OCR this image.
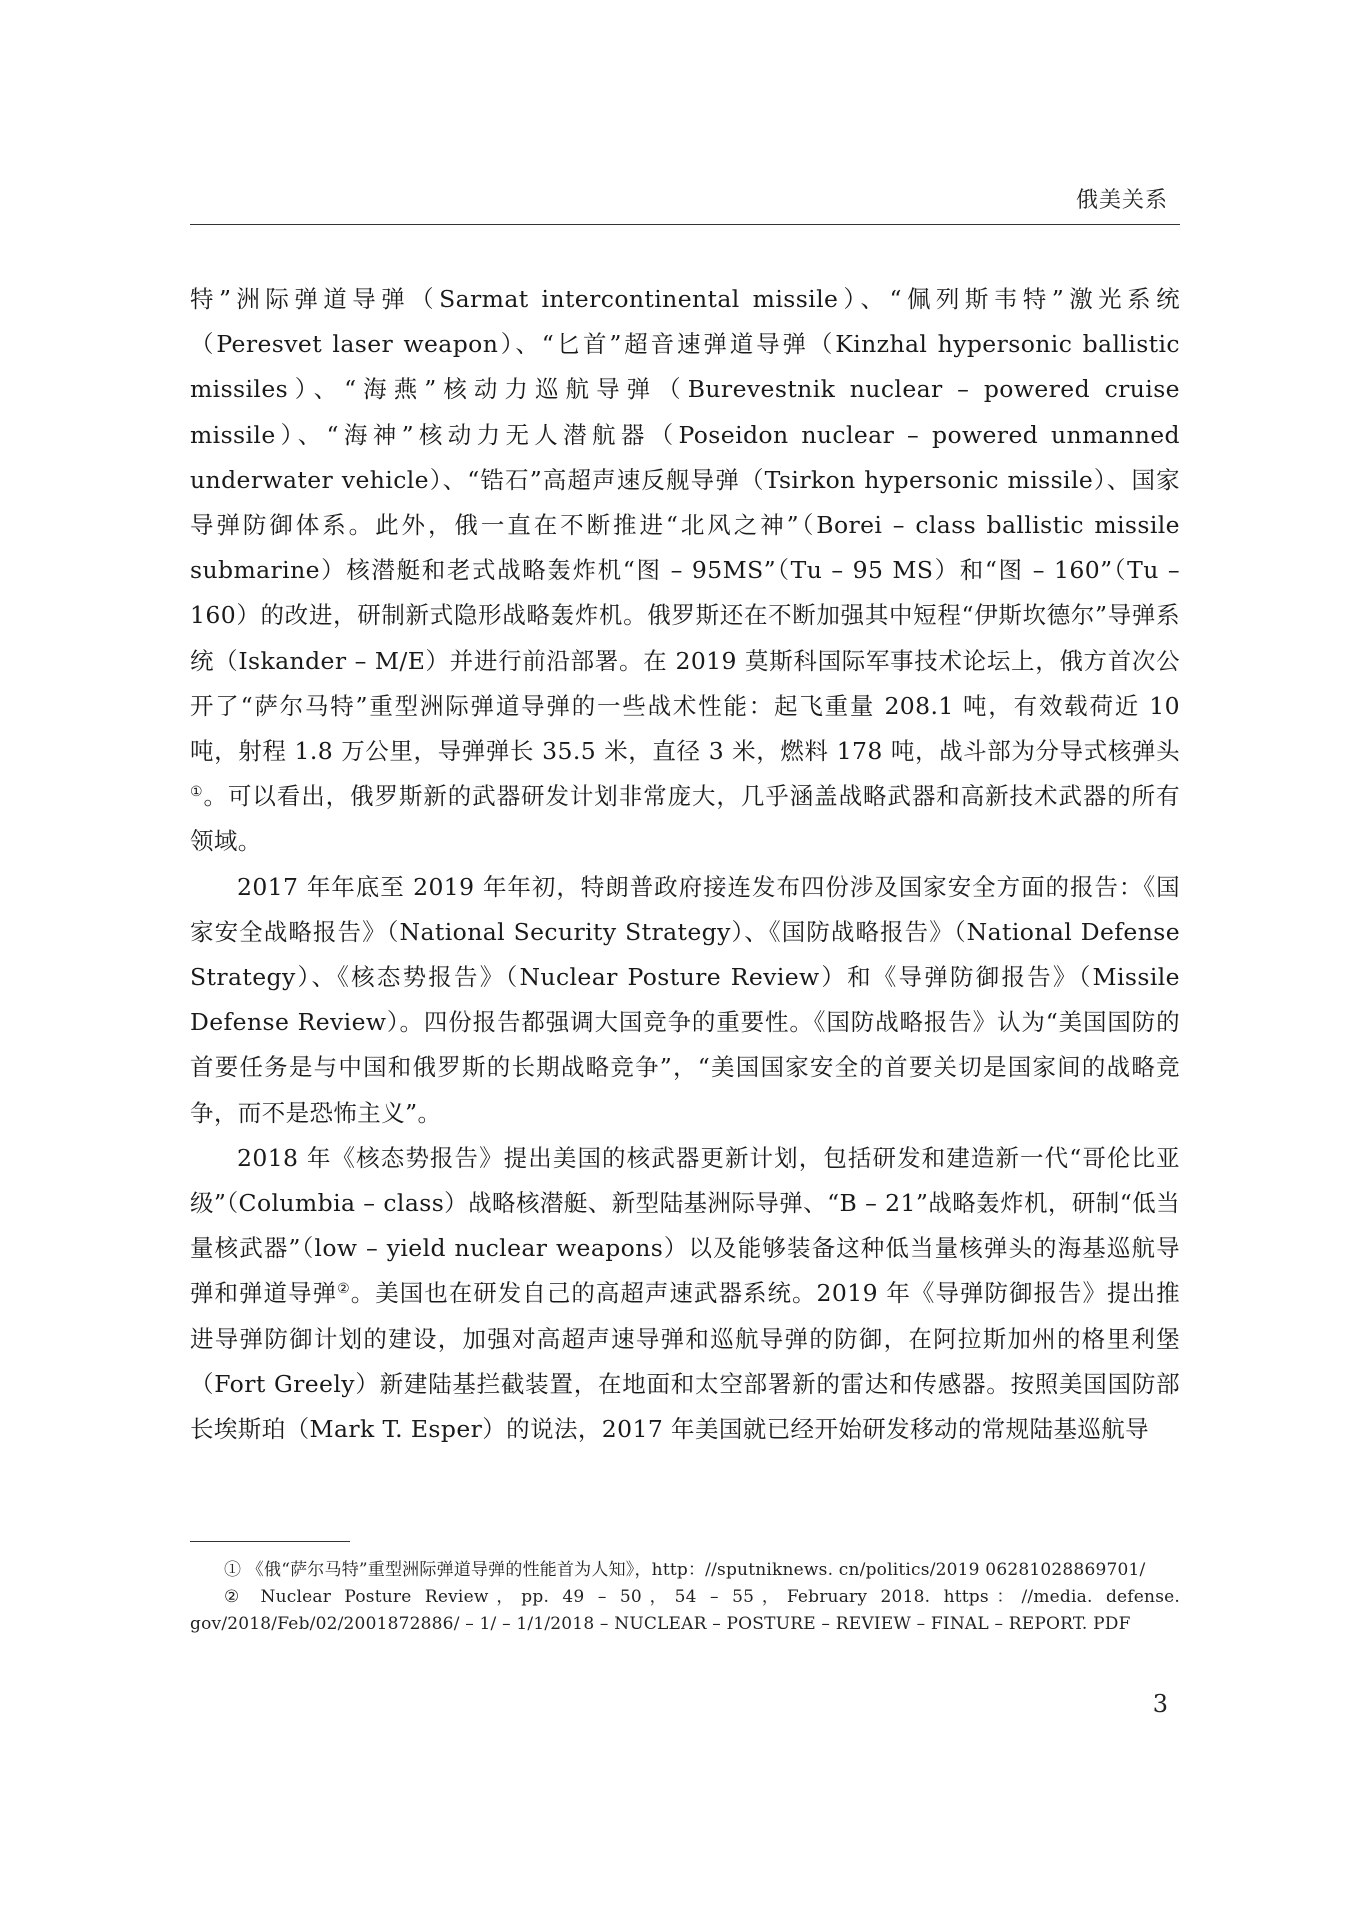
俄美关系

特”洲际弹道导弹（Sarmat intercontinental missile）、“佩列斯韦特”激光系统（Peresvet laser weapon）、“匕首”超音速弹道导弹（Kinzhal hypersonic ballistic missiles）、“海燕”核动力巡航导弹（Burevestnik nuclear – powered cruise missile）、“海神”核动力无人潜航器（Poseidon nuclear – powered unmanned underwater vehicle）、“锆石”高超声速反舰导弹（Tsirkon hypersonic missile）、国家导弹防御体系。此外，俄一直在不断推进“北风之神”（Borei – class ballistic missile submarine）核潜艇和老式战略轰炸机“图 – 95MS”（Tu – 95 MS）和“图 – 160”（Tu – 160）的改进，研制新式隐形战略轰炸机。俄罗斯还在不断加强其中短程“伊斯坎德尔”导弹系统（Iskander – M/E）并进行前沿部署。在 2019 莫斯科国际军事技术论坛上，俄方首次公开了“萨尔马特”重型洲际弹道导弹的一些战术性能：起飞重量 208.1 吨，有效载荷近 10 吨，射程 1.8 万公里，导弹弹长 35.5 米，直径 3 米，燃料 178 吨，战斗部为分导式核弹头①。可以看出，俄罗斯新的武器研发计划非常庞大，几乎涵盖战略武器和高新技术武器的所有领域。

2017 年年底至 2019 年年初，特朗普政府接连发布四份涉及国家安全方面的报告：《国家安全战略报告》（National Security Strategy）、《国防战略报告》（National Defense Strategy）、《核态势报告》（Nuclear Posture Review）和《导弹防御报告》（Missile Defense Review）。四份报告都强调大国竞争的重要性。《国防战略报告》认为“美国国防的首要任务是与中国和俄罗斯的长期战略竞争”，“美国国家安全的首要关切是国家间的战略竞争，而不是恐怖主义”。

2018 年《核态势报告》提出美国的核武器更新计划，包括研发和建造新一代“哥伦比亚级”（Columbia – class）战略核潜艇、新型陆基洲际导弹、“B – 21”战略轰炸机，研制“低当量核武器”（low – yield nuclear weapons）以及能够装备这种低当量核弹头的海基巡航导弹和弹道导弹②。美国也在研发自己的高超声速武器系统。2019 年《导弹防御报告》提出推进导弹防御计划的建设，加强对高超声速导弹和巡航导弹的防御，在阿拉斯加州的格里利堡（Fort Greely）新建陆基拦截装置，在地面和太空部署新的雷达和传感器。按照美国国防部长埃斯珀（Mark T. Esper）的说法，2017 年美国就已经开始研发移动的常规陆基巡航导

① 《俄“萨尔马特”重型洲际弹道导弹的性能首为人知》，http：//sputniknews. cn/politics/2019 06281028869701/

② Nuclear Posture Review，pp. 49 – 50，54 – 55，February 2018. https：//media. defense. gov/2018/Feb/02/2001872886/ – 1/ – 1/1/2018 – NUCLEAR – POSTURE – REVIEW – FINAL – REPORT. PDF

3
